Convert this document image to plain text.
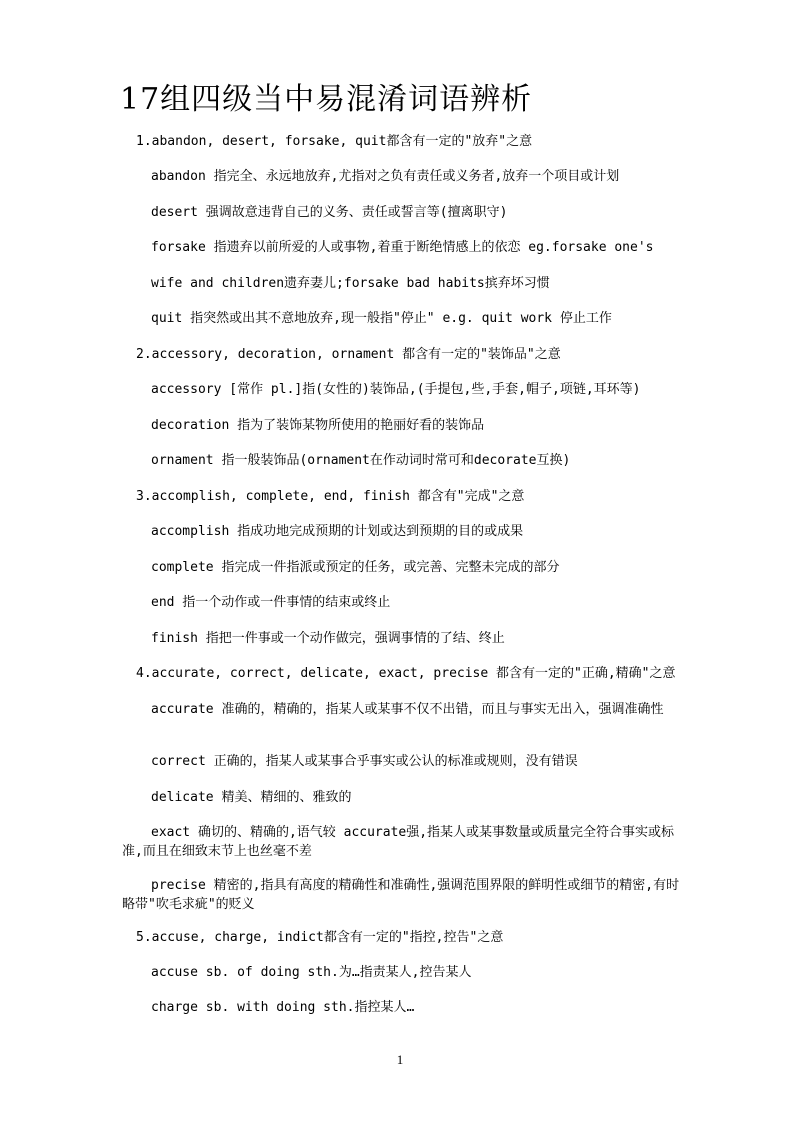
17组四级当中易混淆词语辨析

1.abandon, desert, forsake, quit都含有一定的"放弃"之意

abandon 指完全、永远地放弃,尤指对之负有责任或义务者,放弃一个项目或计划

desert 强调故意违背自己的义务、责任或誓言等(擅离职守)

forsake 指遗弃以前所爱的人或事物,着重于断绝情感上的依恋 eg.forsake one's

wife and children遗弃妻儿;forsake bad habits摈弃坏习惯

quit 指突然或出其不意地放弃,现一般指"停止" e.g. quit work 停止工作

2.accessory, decoration, ornament 都含有一定的"装饰品"之意

accessory [常作 pl.]指(女性的)装饰品,(手提包,些,手套,帽子,项链,耳环等)

decoration 指为了装饰某物所使用的艳丽好看的装饰品

ornament 指一般装饰品(ornament在作动词时常可和decorate互换)

3.accomplish, complete, end, finish 都含有"完成"之意

accomplish 指成功地完成预期的计划或达到预期的目的或成果

complete 指完成一件指派或预定的任务，或完善、完整未完成的部分

end 指一个动作或一件事情的结束或终止

finish 指把一件事或一个动作做完，强调事情的了结、终止

4.accurate, correct, delicate, exact, precise 都含有一定的"正确,精确"之意

accurate 准确的，精确的，指某人或某事不仅不出错，而且与事实无出入，强调准确性

correct 正确的，指某人或某事合乎事实或公认的标准或规则，没有错误

delicate 精美、精细的、雅致的

exact 确切的、精确的,语气较 accurate强,指某人或某事数量或质量完全符合事实或标准,而且在细致末节上也丝毫不差

precise 精密的,指具有高度的精确性和准确性,强调范围界限的鲜明性或细节的精密,有时略带"吹毛求疵"的贬义

5.accuse, charge, indict都含有一定的"指控,控告"之意

accuse sb. of doing sth.为…指责某人,控告某人

charge sb. with doing sth.指控某人…

1
